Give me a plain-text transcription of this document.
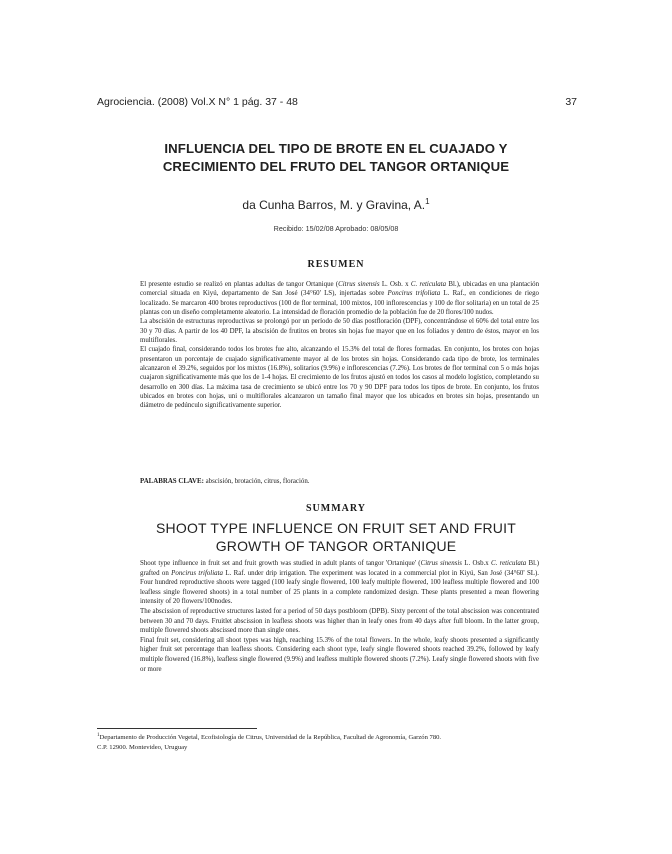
Agrociencia. (2008) Vol.X N° 1 pág. 37 - 48	37
INFLUENCIA DEL TIPO DE BROTE EN EL CUAJADO Y
CRECIMIENTO DEL FRUTO DEL TANGOR ORTANIQUE
da Cunha Barros, M. y Gravina, A.$^1$
Recibido: 15/02/08 Aprobado: 08/05/08
RESUMEN

El presente estudio se realizó en plantas adultas de tangor Ortanique (Citrus sinensis L. Osb. x C. reticulata Bl.), ubicadas en una plantación comercial situada en Kiyú, departamento de San José (34°60' LS), injertadas sobre Poncirus trifoliata L. Raf., en condiciones de riego localizado. Se marcaron 400 brotes reproductivos (100 de flor terminal, 100 mixtos, 100 inflorescencias y 100 de flor solitaria) en un total de 25 plantas con un diseño completamente aleatorio. La intensidad de floración promedio de la población fue de 20 flores/100 nudos.

La abscisión de estructuras reproductivas se prolongó por un período de 50 días postfloración (DPF), concentrándose el 60% del total entre los 30 y 70 días. A partir de los 40 DPF, la abscisión de frutitos en brotes sin hojas fue mayor que en los foliados y dentro de éstos, mayor en los multiflorales.

El cuajado final, considerando todos los brotes fue alto, alcanzando el 15.3% del total de flores formadas. En conjunto, los brotes con hojas presentaron un porcentaje de cuajado significativamente mayor al de los brotes sin hojas. Considerando cada tipo de brote, los terminales alcanzaron el 39.2%, seguidos por los mixtos (16.8%), solitarios (9.9%) e inflorescencias (7.2%). Los brotes de flor terminal con 5 o más hojas cuajaron significativamente más que los de 1-4 hojas. El crecimiento de los frutos ajustó en todos los casos al modelo logístico, completando su desarrollo en 300 días. La máxima tasa de crecimiento se ubicó entre los 70 y 90 DPF para todos los tipos de brote. En conjunto, los frutos ubicados en brotes con hojas, uni o multiflorales alcanzaron un tamaño final mayor que los ubicados en brotes sin hojas, presentando un diámetro de pedúnculo significativamente superior.

PALABRAS CLAVE: abscisión, brotación, citrus, floración.
SUMMARY
SHOOT TYPE INFLUENCE ON FRUIT SET AND FRUIT
GROWTH OF TANGOR ORTANIQUE

Shoot type influence in fruit set and fruit growth was studied in adult plants of tangor 'Ortanique' (Citrus sinensis L. Osb.x C. reticulata Bl.) grafted on Poncirus trifoliata L. Raf. under drip irrigation. The experiment was located in a commercial plot in Kiyú, San José (34°60' SL). Four hundred reproductive shoots were tagged (100 leafy single flowered, 100 leafy multiple flowered, 100 leafless multiple flowered and 100 leafless single flowered shoots) in a total number of 25 plants in a complete randomized design. These plants presented a mean flowering intensity of 20 flowers/100nodes.

The abscission of reproductive structures lasted for a period of 50 days postbloom (DPB). Sixty percent of the total abscission was concentrated between 30 and 70 days. Fruitlet abscission in leafless shoots was higher than in leafy ones from 40 days after full bloom. In the latter group, multiple flowered shoots abscissed more than single ones.

Final fruit set, considering all shoot types was high, reaching 15.3% of the total flowers. In the whole, leafy shoots presented a significantly higher fruit set percentage than leafless shoots. Considering each shoot type, leafy single flowered shoots reached 39.2%, followed by leafy multiple flowered (16.8%), leafless single flowered (9.9%) and leafless multiple flowered shoots (7.2%). Leafy single flowered shoots with five or more

$^1$Departamento de Producción Vegetal, Ecofisiología de Citrus, Universidad de la República, Facultad de Agronomía, Garzón 780.
C.P. 12900. Montevideo, Uruguay
